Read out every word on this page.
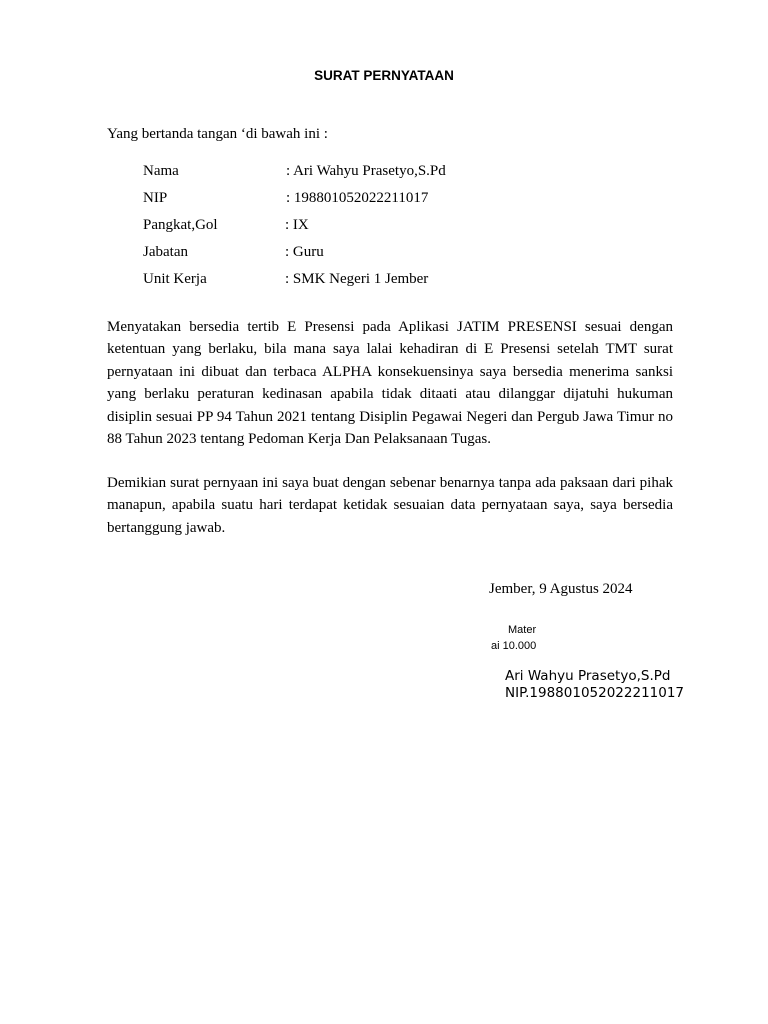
SURAT PERNYATAAN
Yang bertanda tangan ‘di bawah ini :
Nama	: Ari Wahyu Prasetyo,S.Pd
NIP	: 198801052022211017
Pangkat,Gol	: IX
Jabatan	: Guru
Unit Kerja	: SMK Negeri 1 Jember
Menyatakan bersedia tertib E Presensi pada Aplikasi JATIM PRESENSI sesuai dengan ketentuan yang berlaku, bila mana saya lalai kehadiran di E Presensi setelah TMT surat pernyataan ini dibuat dan terbaca ALPHA konsekuensinya saya bersedia menerima sanksi yang berlaku peraturan kedinasan apabila tidak ditaati atau dilanggar dijatuhi hukuman disiplin sesuai PP 94 Tahun 2021 tentang Disiplin Pegawai Negeri dan Pergub Jawa Timur no 88 Tahun 2023 tentang Pedoman Kerja Dan Pelaksanaan Tugas.
Demikian surat pernyaan ini saya buat dengan sebenar benarnya tanpa ada paksaan dari pihak manapun, apabila suatu hari terdapat ketidak sesuaian data pernyataan saya, saya bersedia bertanggung jawab.
Jember, 9 Agustus 2024
Mater
ai 10.000
Ari Wahyu Prasetyo,S.Pd
NIP.198801052022211017
